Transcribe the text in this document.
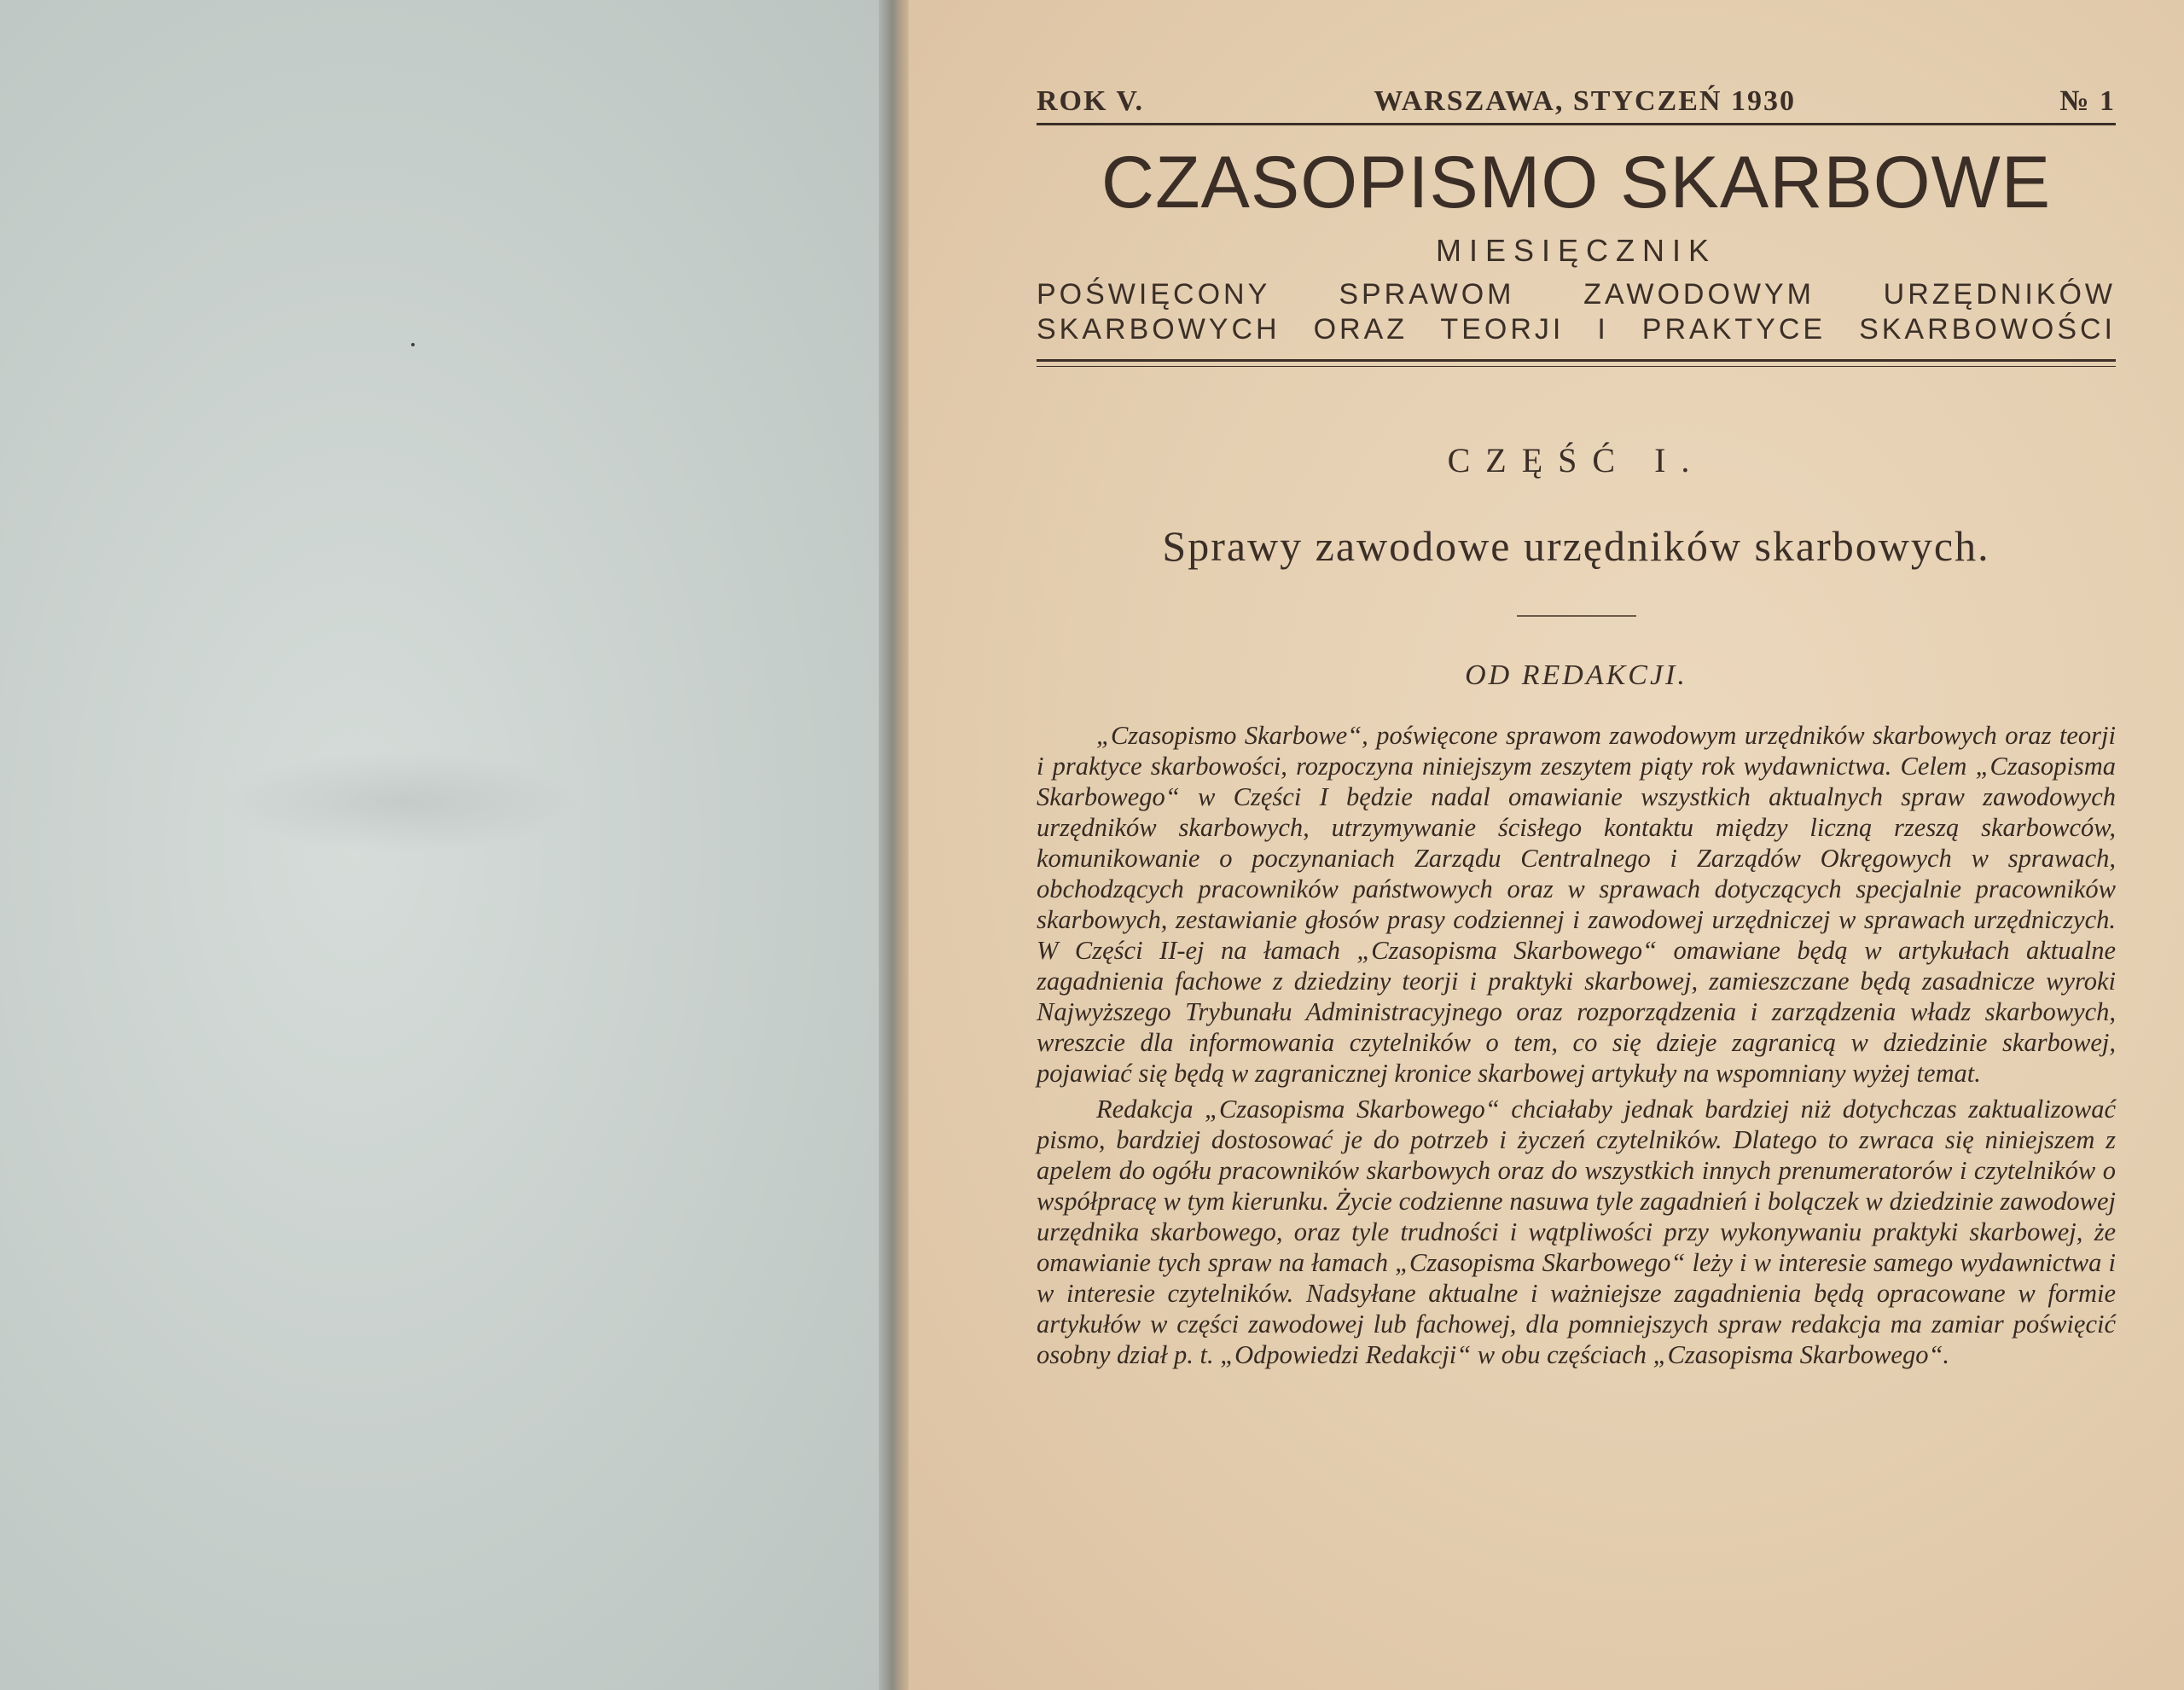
ROK V.	WARSZAWA, STYCZEŃ 1930	№ 1
CZASOPISMO SKARBOWE
MIESIĘCZNIK
POŚWIĘCONY SPRAWOM ZAWODOWYM URZĘDNIKÓW
SKARBOWYCH ORAZ TEORJI I PRAKTYCE SKARBOWOŚCI
CZĘŚĆ I.
Sprawy zawodowe urzędników skarbowych.
OD REDAKCJI.

„Czasopismo Skarbowe“, poświęcone sprawom zawodowym urzędników skarbowych oraz teorji i praktyce skarbowości, rozpoczyna niniejszym zeszytem piąty rok wydawnictwa. Celem „Czasopisma Skarbowego“ w Części I będzie nadal omawianie wszystkich aktualnych spraw zawodowych urzędników skarbowych, utrzymywanie ścisłego kontaktu między liczną rzeszą skarbowców, komunikowanie o poczynaniach Zarządu Centralnego i Zarządów Okręgowych w sprawach, obchodzących pracowników państwowych oraz w sprawach dotyczących specjalnie pracowników skarbowych, zestawianie głosów prasy codziennej i zawodowej urzędniczej w sprawach urzędniczych. W Części II-ej na łamach „Czasopisma Skarbowego“ omawiane będą w artykułach aktualne zagadnienia fachowe z dziedziny teorji i praktyki skarbowej, zamieszczane będą zasadnicze wyroki Najwyższego Trybunału Administracyjnego oraz rozporządzenia i zarządzenia władz skarbowych, wreszcie dla informowania czytelników o tem, co się dzieje zagranicą w dziedzinie skarbowej, pojawiać się będą w zagranicznej kronice skarbowej artykuły na wspomniany wyżej temat.

Redakcja „Czasopisma Skarbowego“ chciałaby jednak bardziej niż dotychczas zaktualizować pismo, bardziej dostosować je do potrzeb i życzeń czytelników. Dlatego to zwraca się niniejszem z apelem do ogółu pracowników skarbowych oraz do wszystkich innych prenumeratorów i czytelników o współpracę w tym kierunku. Życie codzienne nasuwa tyle zagadnień i bolączek w dziedzinie zawodowej urzędnika skarbowego, oraz tyle trudności i wątpliwości przy wykonywaniu praktyki skarbowej, że omawianie tych spraw na łamach „Czasopisma Skarbowego“ leży i w interesie samego wydawnictwa i w interesie czytelników. Nadsyłane aktualne i ważniejsze zagadnienia będą opracowane w formie artykułów w części zawodowej lub fachowej, dla pomniejszych spraw redakcja ma zamiar poświęcić osobny dział p. t. „Odpowiedzi Redakcji“ w obu częściach „Czasopisma Skarbowego“.
